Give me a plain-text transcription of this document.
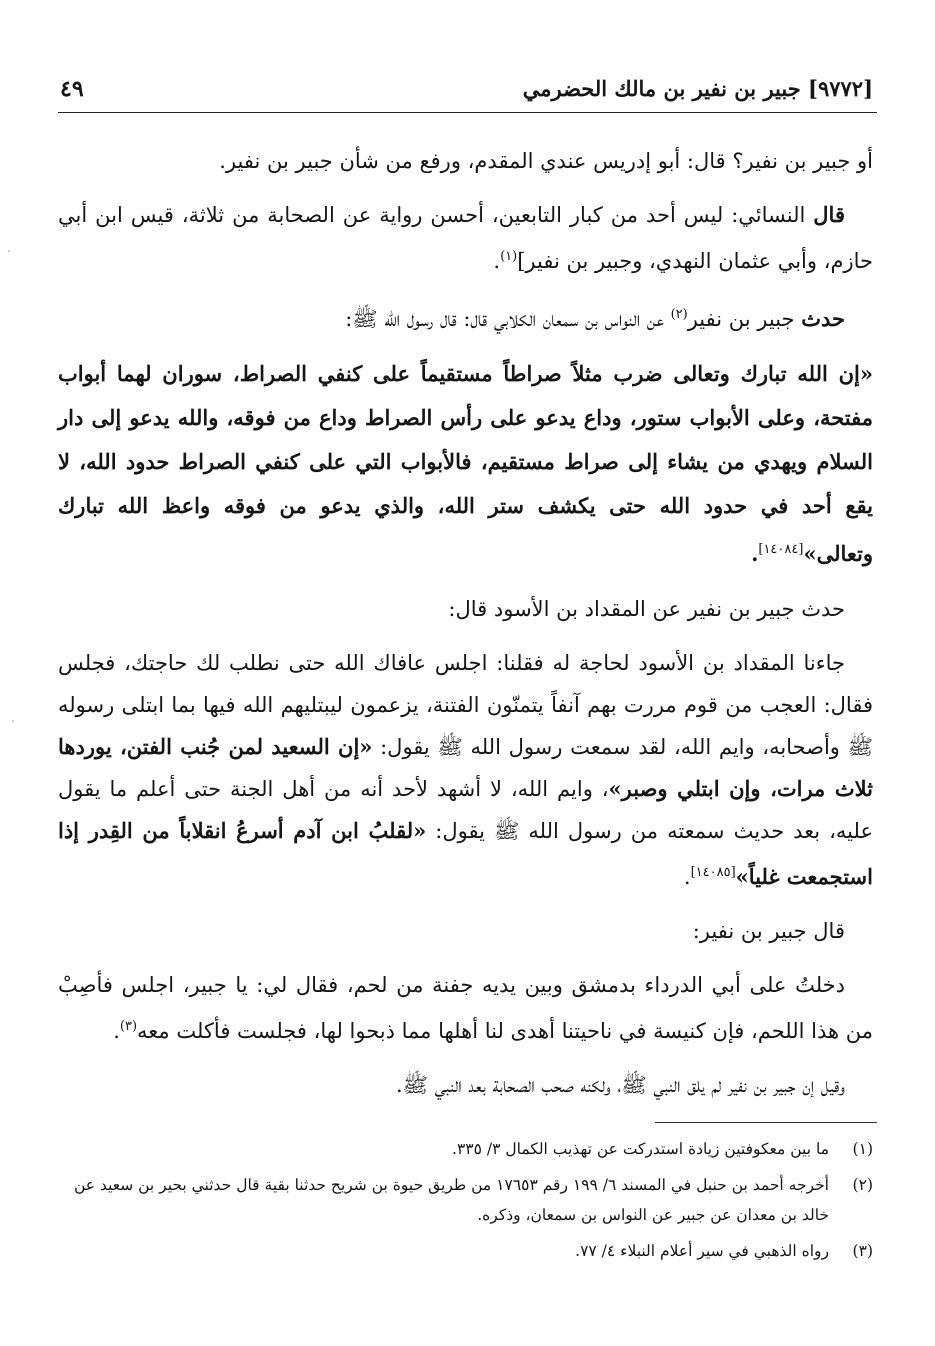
٤٩	[٩٧٧٢] جبير بن نفير بن مالك الحضرمي

أو جبير بن نفير؟ قال: أبو إدريس عندي المقدم، ورفع من شأن جبير بن نفير.

قال النسائي: ليس أحد من كبار التابعين، أحسن رواية عن الصحابة من ثلاثة، قيس ابن أبي حازم، وأبي عثمان النهدي، وجبير بن نفير]$^{(١)}$.

حدث جبير بن نفير$^{(٢)}$ عن النواس بن سمعان الكلابي قال: قال رسول الله ﷺ:

«إن الله تبارك وتعالى ضرب مثلاً صراطاً مستقيماً على كنفي الصراط، سوران لهما أبواب مفتحة، وعلى الأبواب ستور، وداع يدعو على رأس الصراط وداع من فوقه، والله يدعو إلى دار السلام ويهدي من يشاء إلى صراط مستقيم، فالأبواب التي على كنفي الصراط حدود الله، لا يقع أحد في حدود الله حتى يكشف ستر الله، والذي يدعو من فوقه واعظ الله تبارك وتعالى»[١٤٠٨٤].

حدث جبير بن نفير عن المقداد بن الأسود قال:

جاءنا المقداد بن الأسود لحاجة له فقلنا: اجلس عافاك الله حتى نطلب لك حاجتك، فجلس فقال: العجب من قوم مررت بهم آنفاً يتمنّون الفتنة، يزعمون ليبتليهم الله فيها بما ابتلى رسوله ﷺ وأصحابه، وايم الله، لقد سمعت رسول الله ﷺ يقول: «إن السعيد لمن جُنب الفتن، يوردها ثلاث مرات، وإن ابتلي وصبر»، وايم الله، لا أشهد لأحد أنه من أهل الجنة حتى أعلم ما يقول عليه، بعد حديث سمعته من رسول الله ﷺ يقول: «لقلبُ ابن آدم أسرعُ انقلاباً من القِدر إذا استجمعت غلياً»[١٤٠٨٥].

قال جبير بن نفير:

دخلتُ على أبي الدرداء بدمشق وبين يديه جفنة من لحم، فقال لي: يا جبير، اجلس فأصِبْ من هذا اللحم، فإن كنيسة في ناحيتنا أهدى لنا أهلها مما ذبحوا لها، فجلست فأكلت معه$^{(٣)}$.

وقيل إن جبير بن نفير لم يلق النبي ﷺ، ولكنه صحب الصحابة بعد النبي ﷺ.

(١)
ما بين معكوفتين زيادة استدركت عن تهذيب الكمال ٣/ ٣٣٥.
(٢)
أخرجه أحمد بن حنبل في المسند ٦/ ١٩٩ رقم ١٧٦٥٣ من طريق حيوة بن شريح حدثنا بقية قال حدثني بحير بن سعيد عن خالد بن معدان عن جبير عن النواس بن سمعان، وذكره.
(٣)
رواه الذهبي في سير أعلام النبلاء ٤/ ٧٧.
